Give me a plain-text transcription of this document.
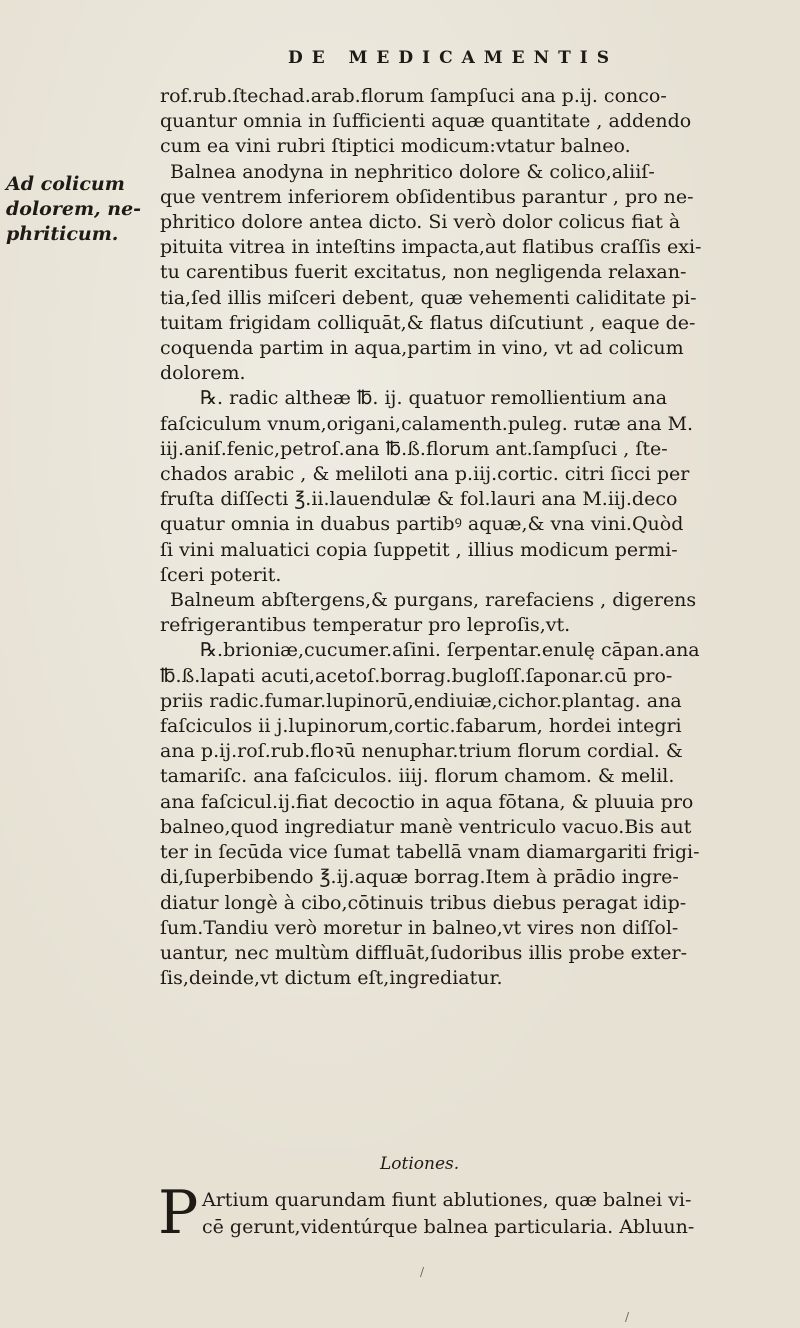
DE MEDICAMENTIS
Ad colicum
dolorem, ne-
phriticum.
rof.rub.ſtechad.arab.florum ſampſuci ana p.ij. conco-
quantur omnia in ſufficienti aquæ quantitate , addendo
cum ea vini rubri ſtiptici modicum:vtatur balneo.
Balnea anodyna in nephritico dolore & colico,aliiſ-
que ventrem inferiorem obſidentibus parantur , pro ne-
phritico dolore antea dicto. Si verò dolor colicus fiat à
pituita vitrea in inteſtins impacta,aut flatibus craſſis exi-
tu carentibus fuerit excitatus, non negligenda relaxan-
tia,ſed illis miſceri debent, quæ vehementi caliditate pi-
tuitam frigidam colliquāt,& flatus diſcutiunt , eaque de-
coquenda partim in aqua,partim in vino, vt ad colicum
dolorem.
℞. radic altheæ ℔. ij. quatuor remollientium ana
faſciculum vnum,origani,calamenth.puleg. rutæ ana M.
iij.aniſ.fenic,petroſ.ana ℔.ß.florum ant.ſampſuci , ſte-
chados arabic , & meliloti ana p.iij.cortic. citri ſicci per
fruſta diſſecti ℥.ii.lauendulæ & fol.lauri ana M.iij.deco
quatur omnia in duabus partibꝰ aquæ,& vna vini.Quòd
ſi vini maluatici copia ſuppetit , illius modicum permi-
ſceri poterit.
Balneum abſtergens,& purgans, rarefaciens , digerens
refrigerantibus temperatur pro leproſis,vt.
℞.brioniæ,cucumer.aſini. ſerpentar.enulę cāpan.ana
℔.ß.lapati acuti,acetoſ.borrag.bugloſſ.ſaponar.cū pro-
priis radic.fumar.lupinorū,endiuiæ,cichor.plantag. ana
faſciculos ii j.lupinorum,cortic.fabarum, hordei integri
ana p.ij.roſ.rub.floꝛū nenuphar.trium florum cordial. &
tamariſc. ana faſciculos. iiij. florum chamom. & melil.
ana faſcicul.ij.fiat decoctio in aqua fōtana, & pluuia pro
balneo,quod ingrediatur manè ventriculo vacuo.Bis aut
ter in ſecūda vice ſumat tabellā vnam diamargariti frigi-
di,ſuperbibendo ℥.ij.aquæ borrag.Item à prādio ingre-
diatur longè à cibo,cōtinuis tribus diebus peragat idip-
ſum.Tandiu verò moretur in balneo,vt vires non diſſol-
uantur, nec multùm diffluāt,ſudoribus illis probe exter-
ſis,deinde,vt dictum eſt,ingrediatur.
Lotiones.
P Artium quarundam fiunt ablutiones, quæ balnei vi-
cē gerunt,videntúrque balnea particularia. Abluun-
/
/
